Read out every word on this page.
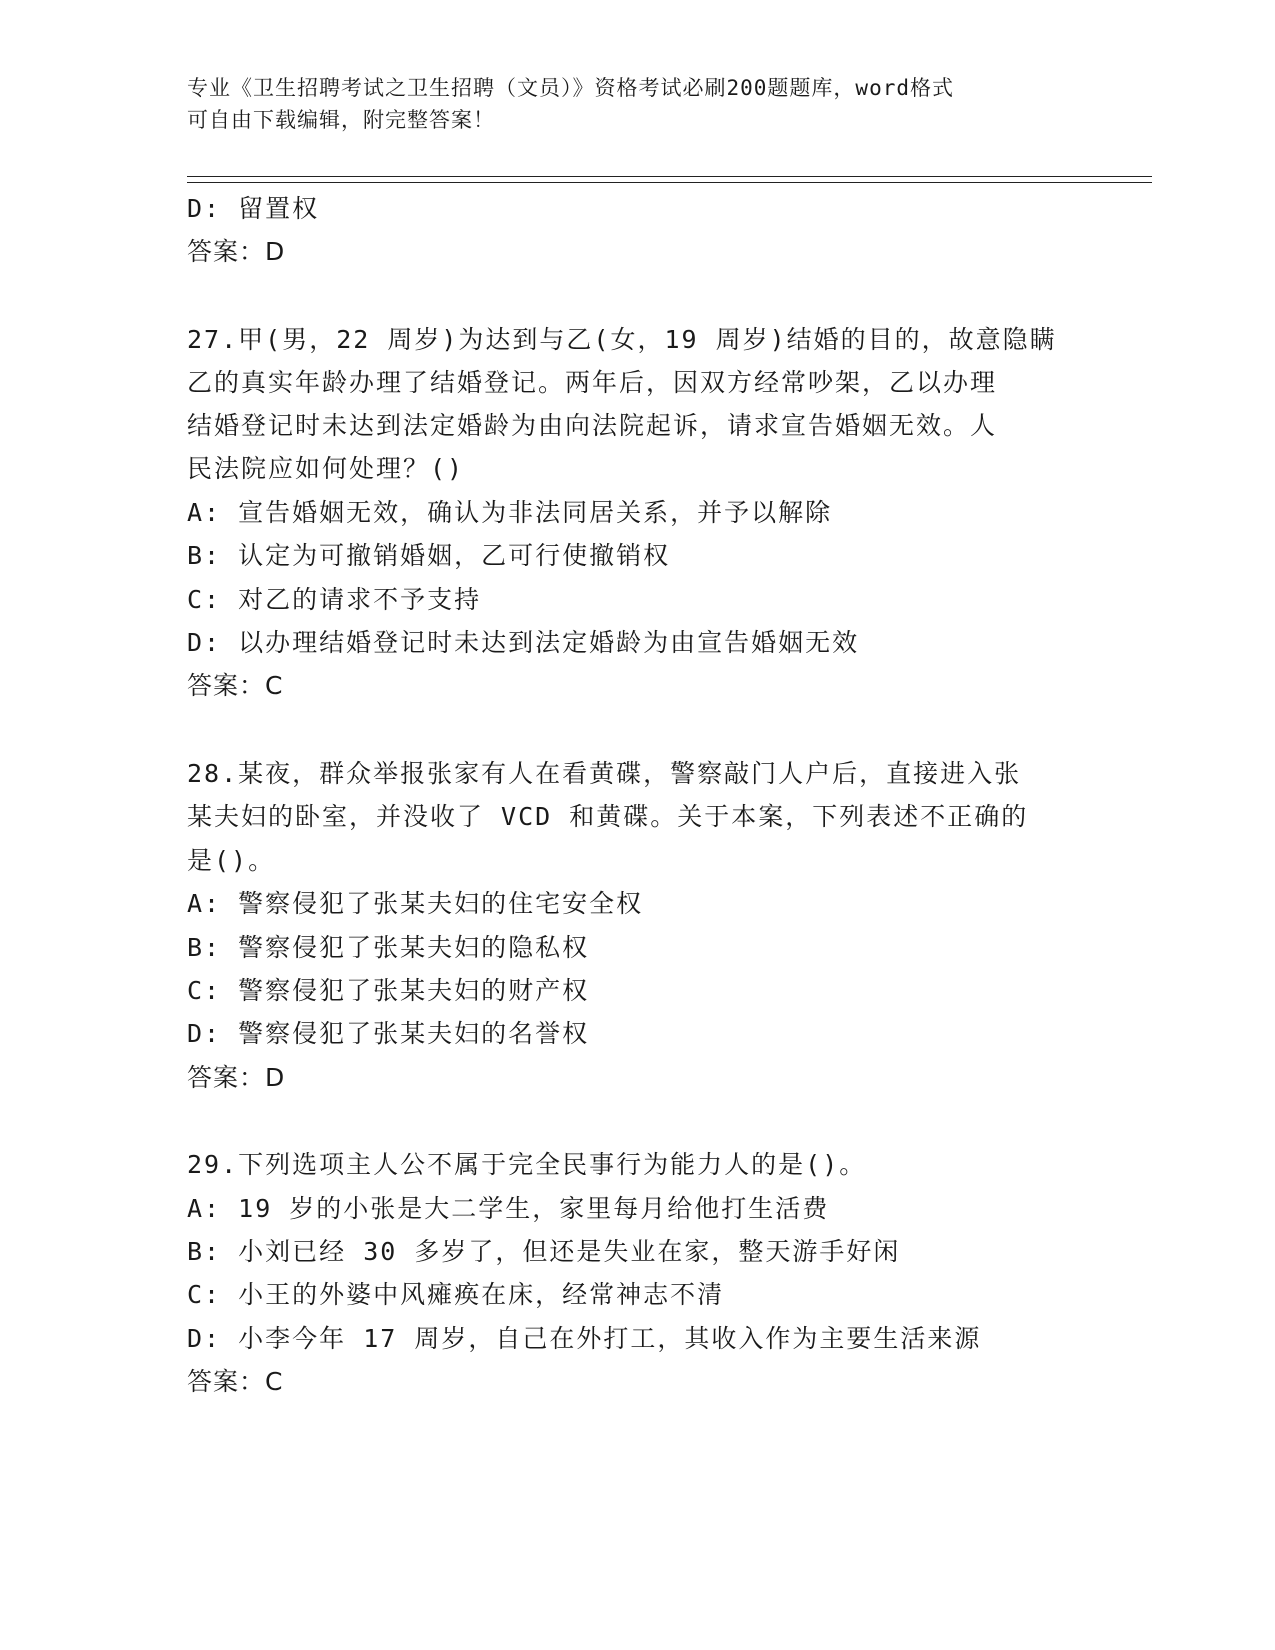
专业《卫生招聘考试之卫生招聘（文员）》资格考试必刷200题题库，word格式
可自由下载编辑，附完整答案！
D: 留置权
答案：D
27.甲(男，22 周岁)为达到与乙(女，19 周岁)结婚的目的，故意隐瞒
乙的真实年龄办理了结婚登记。两年后，因双方经常吵架，乙以办理
结婚登记时未达到法定婚龄为由向法院起诉，请求宣告婚姻无效。人
民法院应如何处理？()
A: 宣告婚姻无效，确认为非法同居关系，并予以解除
B: 认定为可撤销婚姻，乙可行使撤销权
C: 对乙的请求不予支持
D: 以办理结婚登记时未达到法定婚龄为由宣告婚姻无效
答案：C
28.某夜，群众举报张家有人在看黄碟，警察敲门人户后，直接进入张
某夫妇的卧室，并没收了 VCD 和黄碟。关于本案，下列表述不正确的
是()。
A: 警察侵犯了张某夫妇的住宅安全权
B: 警察侵犯了张某夫妇的隐私权
C: 警察侵犯了张某夫妇的财产权
D: 警察侵犯了张某夫妇的名誉权
答案：D
29.下列选项主人公不属于完全民事行为能力人的是()。
A: 19 岁的小张是大二学生，家里每月给他打生活费
B: 小刘已经 30 多岁了，但还是失业在家，整天游手好闲
C: 小王的外婆中风瘫痪在床，经常神志不清
D: 小李今年 17 周岁，自己在外打工，其收入作为主要生活来源
答案：C
